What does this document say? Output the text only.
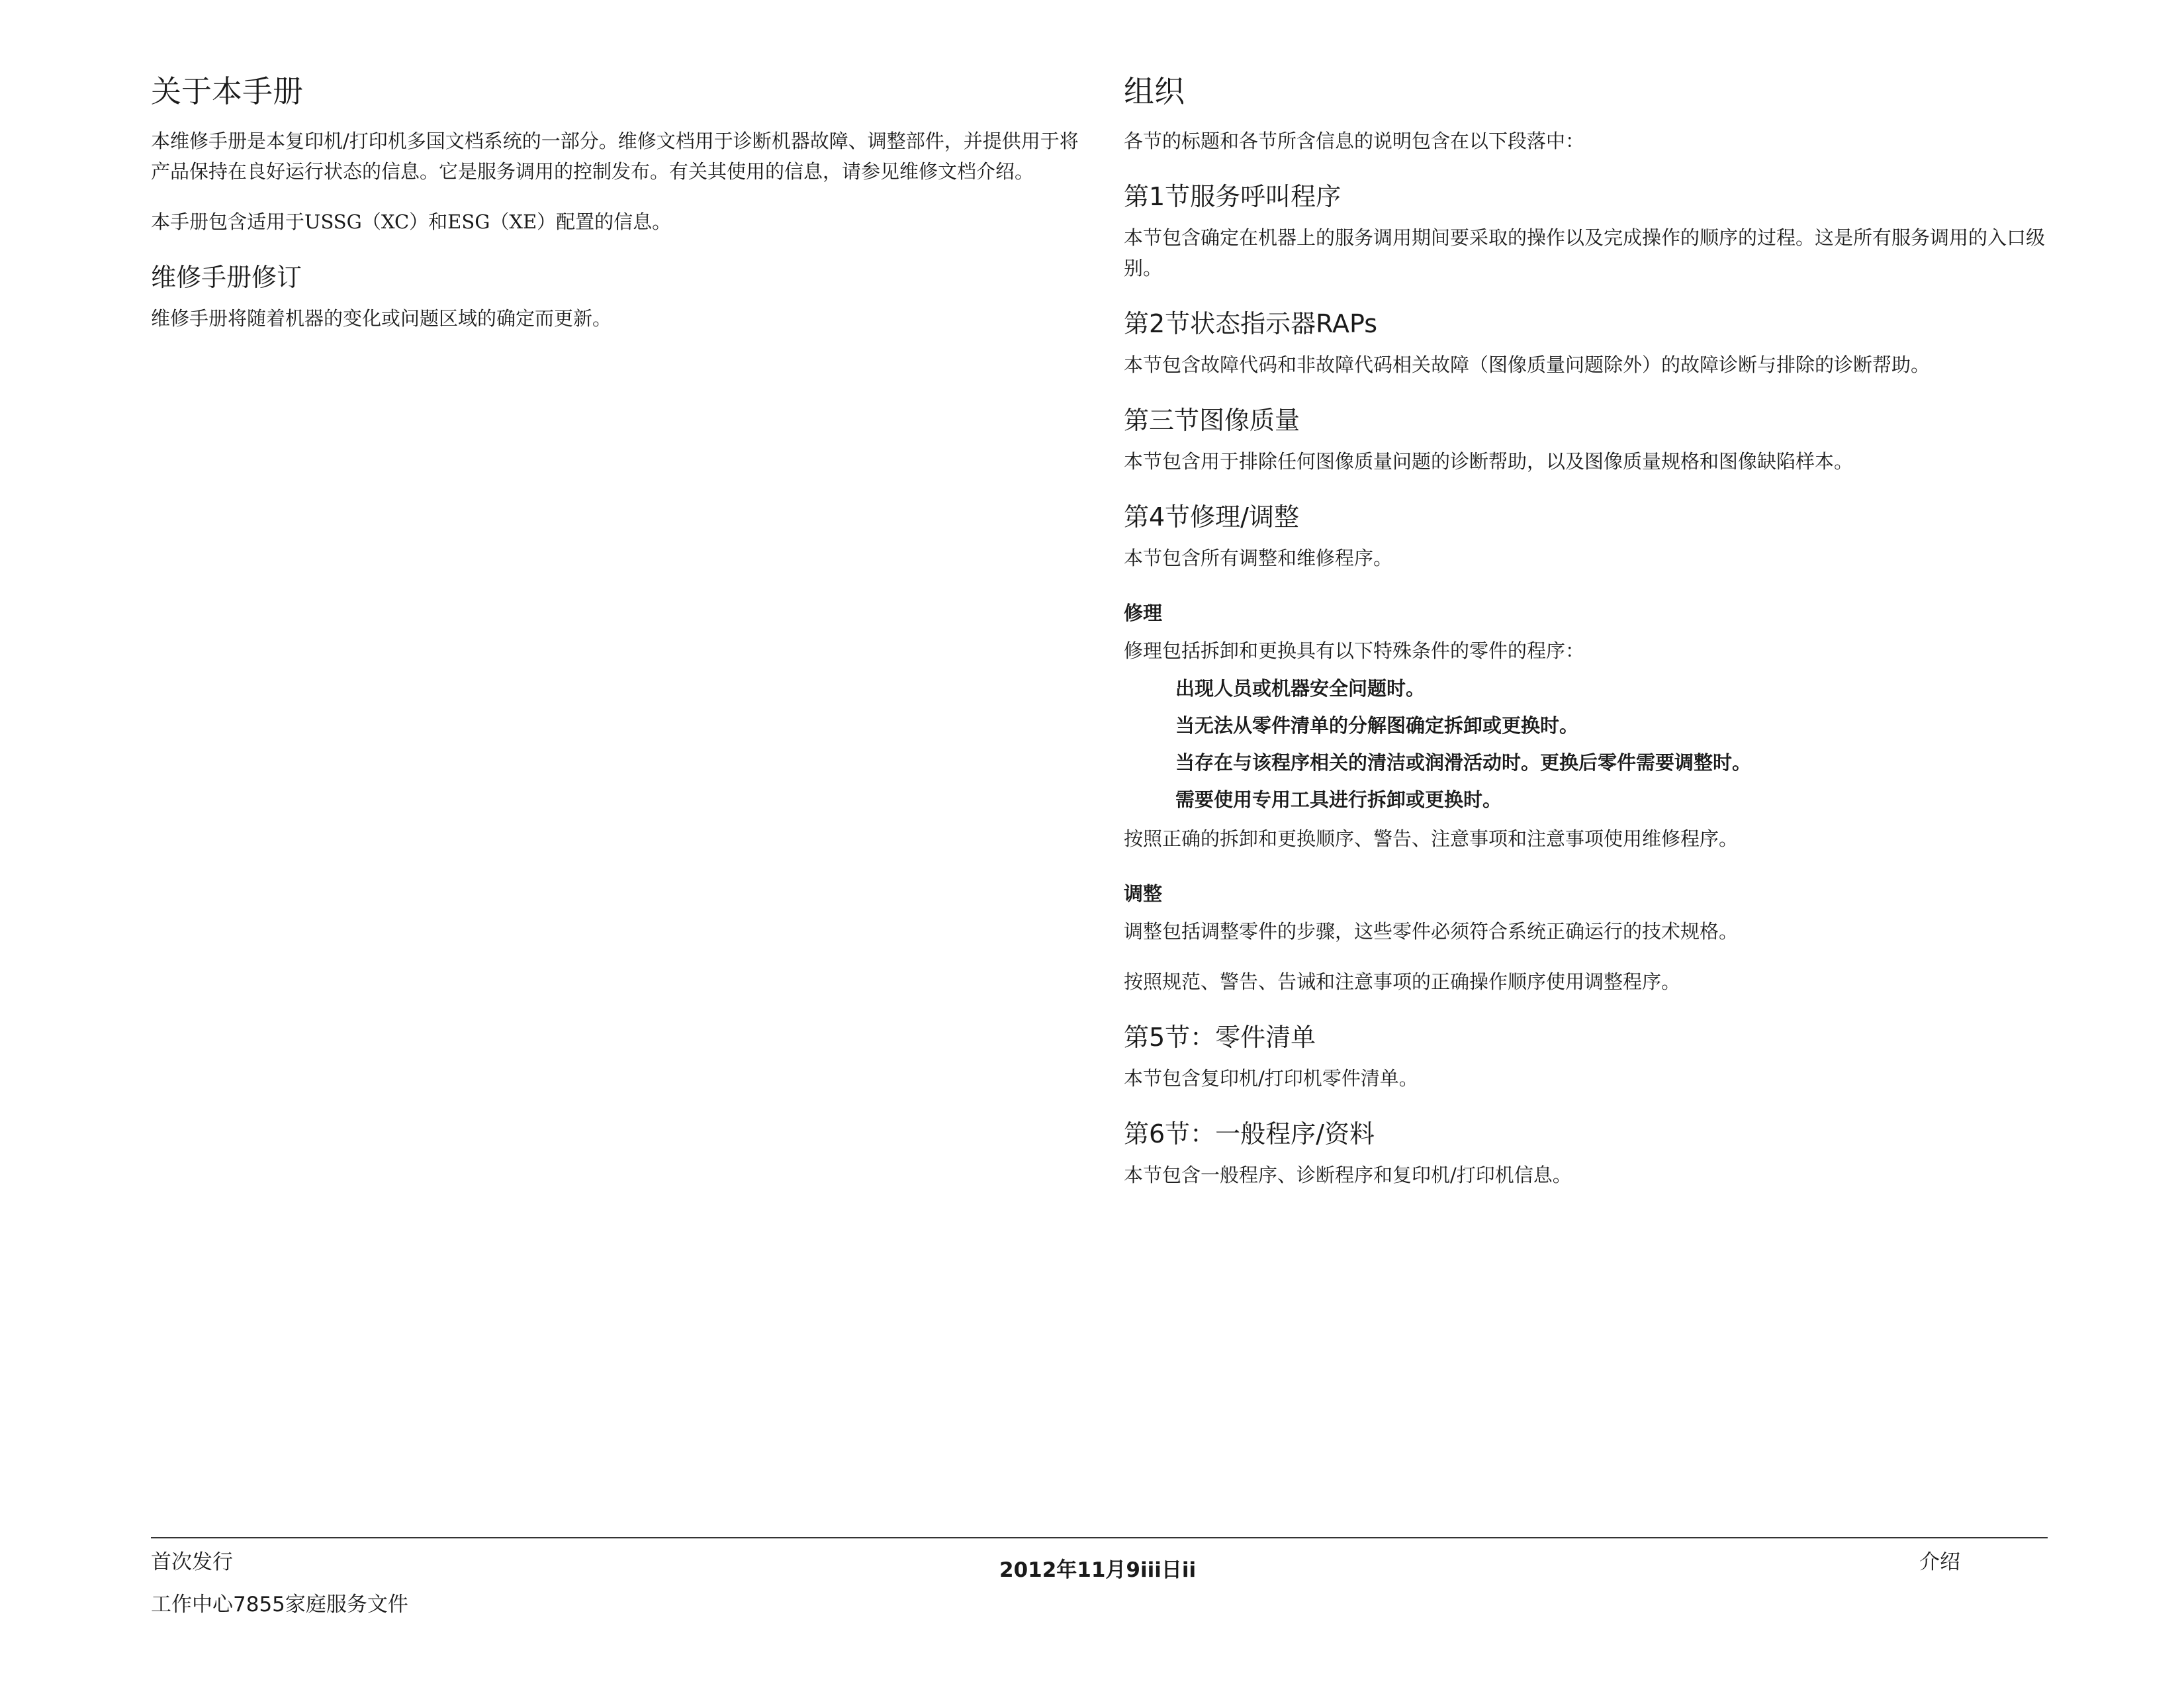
关于本手册

本维修手册是本复印机/打印机多国文档系统的一部分。维修文档用于诊断机器故障、调整部件，并提供用于将产品保持在良好运行状态的信息。它是服务调用的控制发布。有关其使用的信息，请参见维修文档介绍。

本手册包含适用于USSG（XC）和ESG（XE）配置的信息。

维修手册修订

维修手册将随着机器的变化或问题区域的确定而更新。

组织

各节的标题和各节所含信息的说明包含在以下段落中：

第1节服务呼叫程序

本节包含确定在机器上的服务调用期间要采取的操作以及完成操作的顺序的过程。这是所有服务调用的入口级别。

第2节状态指示器RAPs

本节包含故障代码和非故障代码相关故障（图像质量问题除外）的故障诊断与排除的诊断帮助。

第三节图像质量

本节包含用于排除任何图像质量问题的诊断帮助，以及图像质量规格和图像缺陷样本。

第4节修理/调整

本节包含所有调整和维修程序。

修理

修理包括拆卸和更换具有以下特殊条件的零件的程序：

出现人员或机器安全问题时。
当无法从零件清单的分解图确定拆卸或更换时。
当存在与该程序相关的清洁或润滑活动时。更换后零件需要调整时。
需要使用专用工具进行拆卸或更换时。

按照正确的拆卸和更换顺序、警告、注意事项和注意事项使用维修程序。

调整

调整包括调整零件的步骤，这些零件必须符合系统正确运行的技术规格。

按照规范、警告、告诫和注意事项的正确操作顺序使用调整程序。

第5节：零件清单

本节包含复印机/打印机零件清单。

第6节：一般程序/资料

本节包含一般程序、诊断程序和复印机/打印机信息。

首次发行
工作中心7855家庭服务文件
2012年11月9iii日ii	介绍
